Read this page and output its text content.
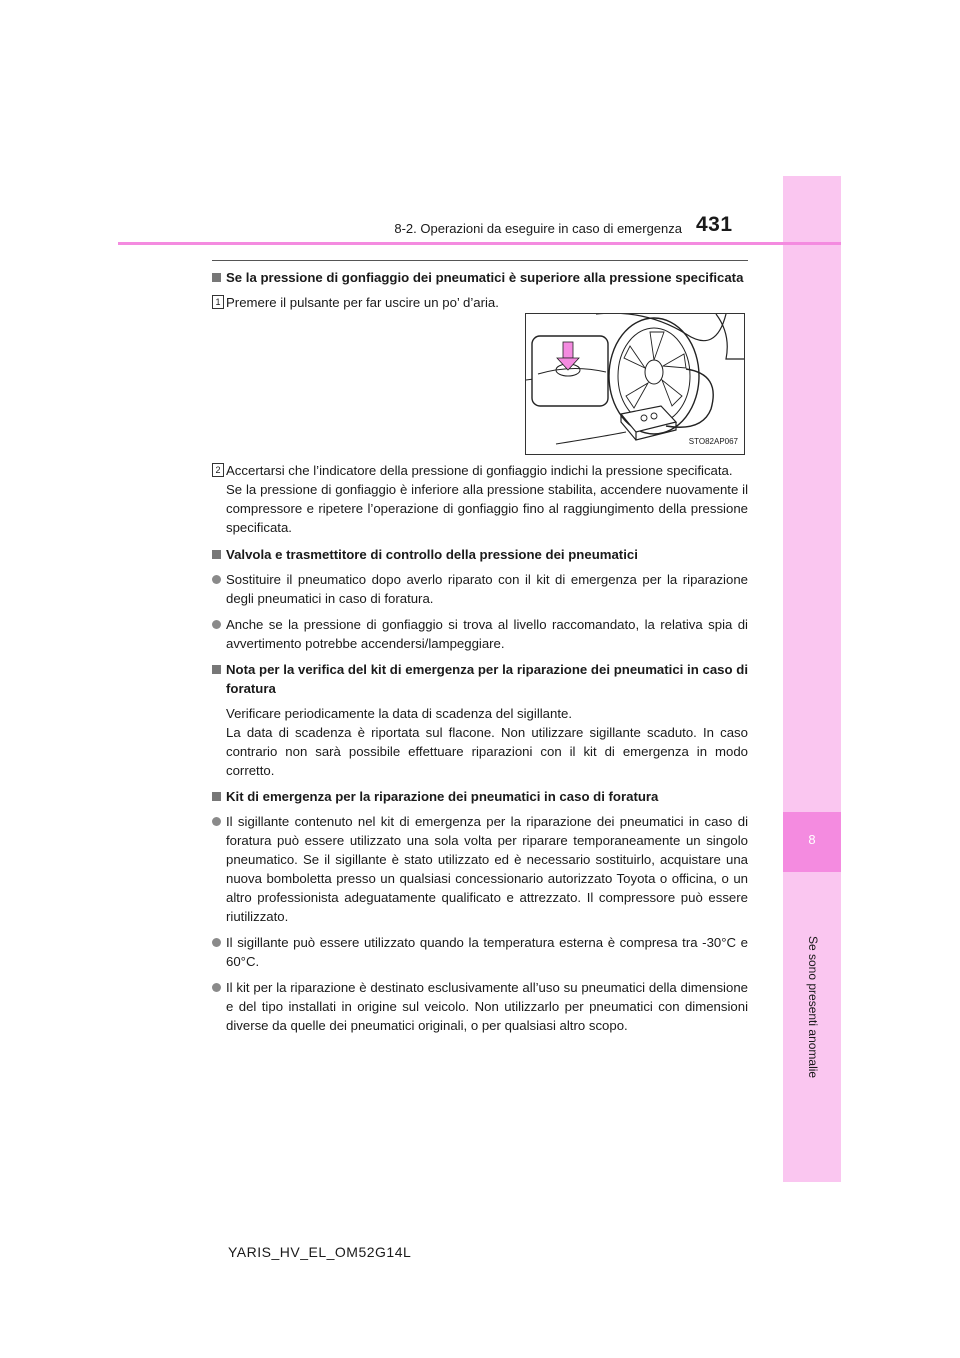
8
Se sono presenti anomalie
8-2. Operazioni da eseguire in caso di emergenza 431
Se la pressione di gonfiaggio dei pneumatici è superiore alla pressione specificata
1 Premere il pulsante per far uscire un po’ d’aria.
2 Accertarsi che l’indicatore della pressione di gonfiaggio indichi la pressione specificata.
Se la pressione di gonfiaggio è inferiore alla pressione stabilita, accendere nuovamente il compressore e ripetere l’operazione di gonfiaggio fino al raggiungimento della pressione specificata.
Valvola e trasmettitore di controllo della pressione dei pneumatici
Sostituire il pneumatico dopo averlo riparato con il kit di emergenza per la riparazione degli pneumatici in caso di foratura.
Anche se la pressione di gonfiaggio si trova al livello raccomandato, la relativa spia di avvertimento potrebbe accendersi/lampeggiare.
Nota per la verifica del kit di emergenza per la riparazione dei pneumatici in caso di foratura
Verificare periodicamente la data di scadenza del sigillante.
La data di scadenza è riportata sul flacone. Non utilizzare sigillante scaduto. In caso contrario non sarà possibile effettuare riparazioni con il kit di emergenza in modo corretto.
Kit di emergenza per la riparazione dei pneumatici in caso di foratura
Il sigillante contenuto nel kit di emergenza per la riparazione dei pneumatici in caso di foratura può essere utilizzato una sola volta per riparare temporaneamente un singolo pneumatico. Se il sigillante è stato utilizzato ed è necessario sostituirlo, acquistare una nuova bomboletta presso un qualsiasi concessionario autorizzato Toyota o officina, o un altro professionista adeguatamente qualificato e attrezzato. Il compressore può essere riutilizzato.
Il sigillante può essere utilizzato quando la temperatura esterna è compresa tra -30°C e 60°C.
Il kit per la riparazione è destinato esclusivamente all’uso su pneumatici della dimensione e del tipo installati in origine sul veicolo. Non utilizzarlo per pneumatici con dimensioni diverse da quelle dei pneumatici originali, o per qualsiasi altro scopo.
STO82AP067
YARIS_HV_EL_OM52G14L
